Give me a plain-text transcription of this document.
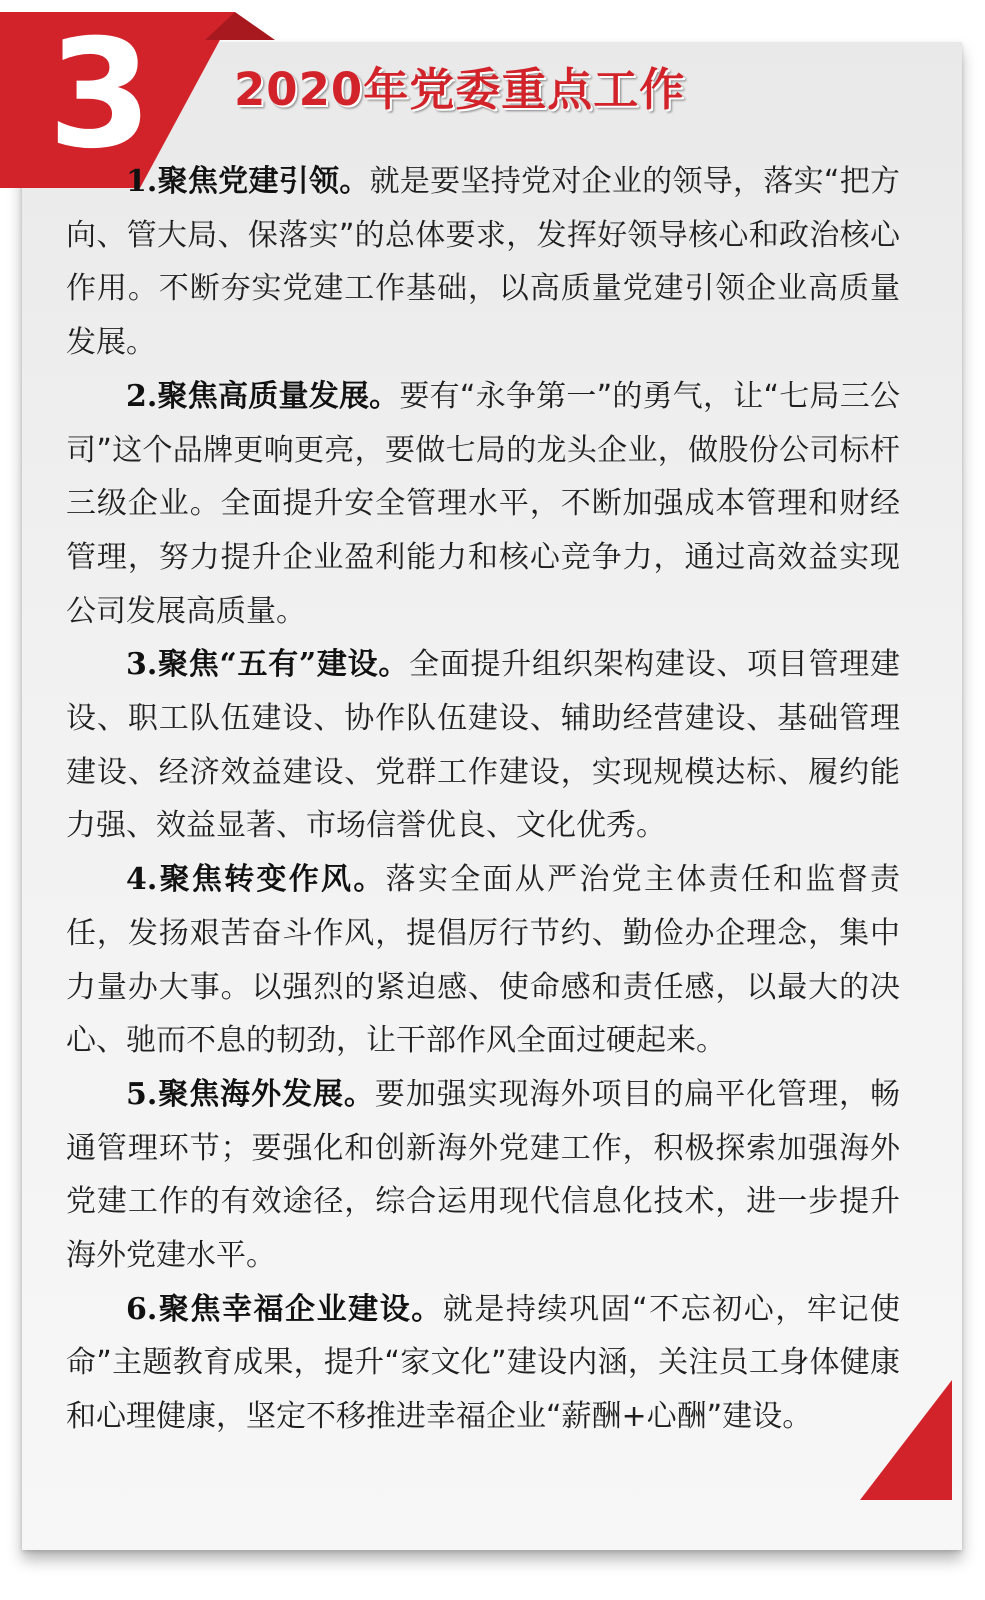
3	2020年党委重点工作

1.聚焦党建引领。就是要坚持党对企业的领导，落实“把方向、管大局、保落实”的总体要求，发挥好领导核心和政治核心作用。不断夯实党建工作基础，以高质量党建引领企业高质量发展。

2.聚焦高质量发展。要有“永争第一”的勇气，让“七局三公司”这个品牌更响更亮，要做七局的龙头企业，做股份公司标杆三级企业。全面提升安全管理水平，不断加强成本管理和财经管理，努力提升企业盈利能力和核心竞争力，通过高效益实现公司发展高质量。

3.聚焦“五有”建设。全面提升组织架构建设、项目管理建设、职工队伍建设、协作队伍建设、辅助经营建设、基础管理建设、经济效益建设、党群工作建设，实现规模达标、履约能力强、效益显著、市场信誉优良、文化优秀。

4.聚焦转变作风。落实全面从严治党主体责任和监督责任，发扬艰苦奋斗作风，提倡厉行节约、勤俭办企理念，集中力量办大事。以强烈的紧迫感、使命感和责任感，以最大的决心、驰而不息的韧劲，让干部作风全面过硬起来。

5.聚焦海外发展。要加强实现海外项目的扁平化管理，畅通管理环节；要强化和创新海外党建工作，积极探索加强海外党建工作的有效途径，综合运用现代信息化技术，进一步提升海外党建水平。

6.聚焦幸福企业建设。就是持续巩固“不忘初心，牢记使命”主题教育成果，提升“家文化”建设内涵，关注员工身体健康和心理健康，坚定不移推进幸福企业“薪酬+心酬”建设。
